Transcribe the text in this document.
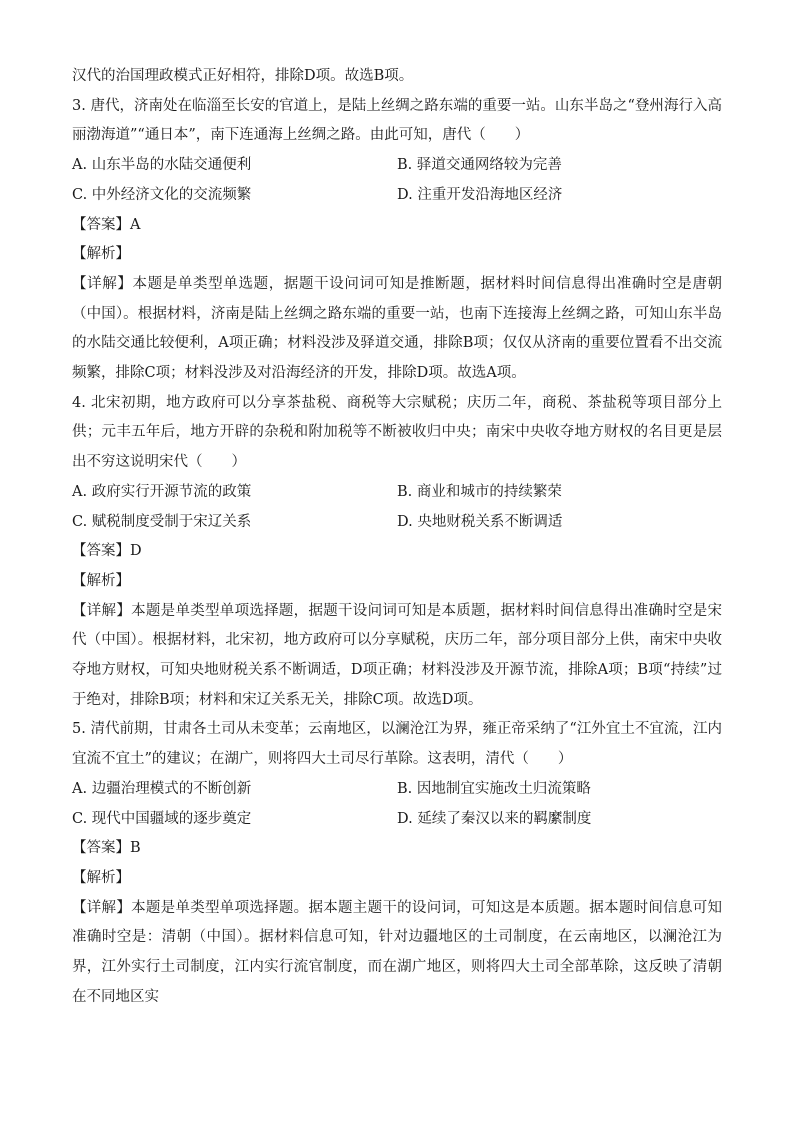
汉代的治国理政模式正好相符，排除D项。故选B项。

3. 唐代，济南处在临淄至长安的官道上，是陆上丝绸之路东端的重要一站。山东半岛之“登州海行入高丽渤海道”“通日本”，南下连通海上丝绸之路。由此可知，唐代（　　）

A. 山东半岛的水陆交通便利	B. 驿道交通网络较为完善
C. 中外经济文化的交流频繁	D. 注重开发沿海地区经济

【答案】A

【解析】

【详解】本题是单类型单选题，据题干设问词可知是推断题，据材料时间信息得出准确时空是唐朝（中国）。根据材料，济南是陆上丝绸之路东端的重要一站，也南下连接海上丝绸之路，可知山东半岛的水陆交通比较便利，A项正确；材料没涉及驿道交通，排除B项；仅仅从济南的重要位置看不出交流频繁，排除C项；材料没涉及对沿海经济的开发，排除D项。故选A项。

4. 北宋初期，地方政府可以分享茶盐税、商税等大宗赋税；庆历二年，商税、茶盐税等项目部分上供；元丰五年后，地方开辟的杂税和附加税等不断被收归中央；南宋中央收夺地方财权的名目更是层出不穷这说明宋代（　　）

A. 政府实行开源节流的政策	B. 商业和城市的持续繁荣
C. 赋税制度受制于宋辽关系	D. 央地财税关系不断调适

【答案】D

【解析】

【详解】本题是单类型单项选择题，据题干设问词可知是本质题，据材料时间信息得出准确时空是宋代（中国）。根据材料，北宋初，地方政府可以分享赋税，庆历二年，部分项目部分上供，南宋中央收夺地方财权，可知央地财税关系不断调适，D项正确；材料没涉及开源节流，排除A项；B项“持续”过于绝对，排除B项；材料和宋辽关系无关，排除C项。故选D项。

5. 清代前期，甘肃各土司从未变革；云南地区，以澜沧江为界，雍正帝采纳了“江外宜土不宜流，江内宜流不宜土”的建议；在湖广，则将四大土司尽行革除。这表明，清代（　　）

A. 边疆治理模式的不断创新	B. 因地制宜实施改土归流策略
C. 现代中国疆域的逐步奠定	D. 延续了秦汉以来的羁縻制度

【答案】B

【解析】

【详解】本题是单类型单项选择题。据本题主题干的设问词，可知这是本质题。据本题时间信息可知准确时空是：清朝（中国）。据材料信息可知，针对边疆地区的土司制度，在云南地区，以澜沧江为界，江外实行土司制度，江内实行流官制度，而在湖广地区，则将四大土司全部革除，这反映了清朝在不同地区实
